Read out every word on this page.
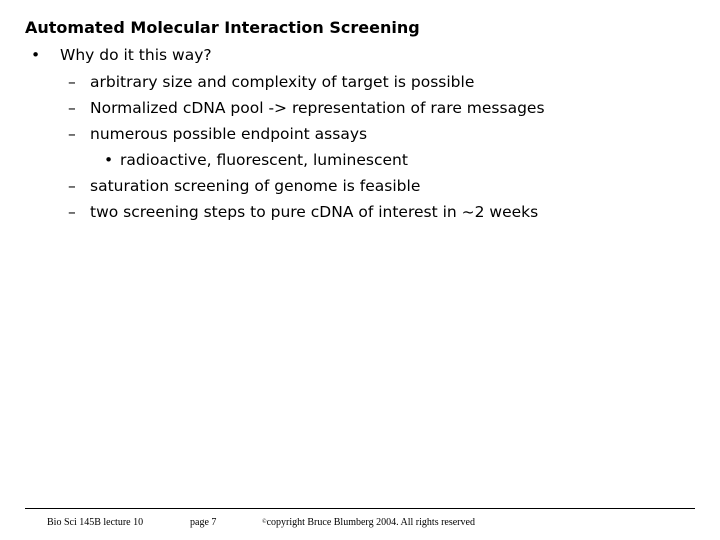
Automated Molecular Interaction Screening
• Why do it this way?
– arbitrary size and complexity of target is possible
– Normalized cDNA pool -> representation of rare messages
– numerous possible endpoint assays
• radioactive, fluorescent, luminescent
– saturation screening of genome is feasible
– two screening steps to pure cDNA of interest in ~2 weeks
Bio Sci 145B lecture 10	page 7	©copyright Bruce Blumberg 2004. All rights reserved
